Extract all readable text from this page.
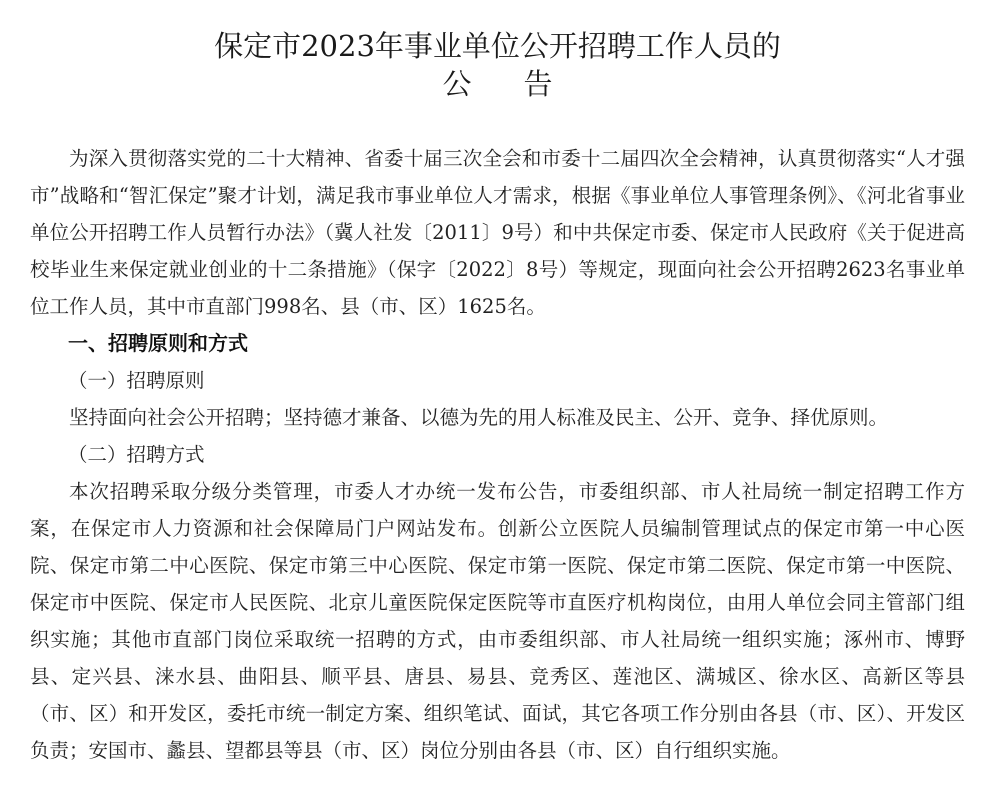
保定市2023年事业单位公开招聘工作人员的
公告

为深入贯彻落实党的二十大精神、省委十届三次全会和市委十二届四次全会精神，认真贯彻落实“人才强市”战略和“智汇保定”聚才计划，满足我市事业单位人才需求，根据《事业单位人事管理条例》、《河北省事业单位公开招聘工作人员暂行办法》（冀人社发〔2011〕9号）和中共保定市委、保定市人民政府《关于促进高校毕业生来保定就业创业的十二条措施》（保字〔2022〕8号）等规定，现面向社会公开招聘2623名事业单位工作人员，其中市直部门998名、县（市、区）1625名。

一、招聘原则和方式

（一）招聘原则

坚持面向社会公开招聘；坚持德才兼备、以德为先的用人标准及民主、公开、竞争、择优原则。

（二）招聘方式

本次招聘采取分级分类管理，市委人才办统一发布公告，市委组织部、市人社局统一制定招聘工作方案，在保定市人力资源和社会保障局门户网站发布。创新公立医院人员编制管理试点的保定市第一中心医院、保定市第二中心医院、保定市第三中心医院、保定市第一医院、保定市第二医院、保定市第一中医院、保定市中医院、保定市人民医院、北京儿童医院保定医院等市直医疗机构岗位，由用人单位会同主管部门组织实施；其他市直部门岗位采取统一招聘的方式，由市委组织部、市人社局统一组织实施；涿州市、博野县、定兴县、涞水县、曲阳县、顺平县、唐县、易县、竞秀区、莲池区、满城区、徐水区、高新区等县（市、区）和开发区，委托市统一制定方案、组织笔试、面试，其它各项工作分别由各县（市、区）、开发区负责；安国市、蠡县、望都县等县（市、区）岗位分别由各县（市、区）自行组织实施。
